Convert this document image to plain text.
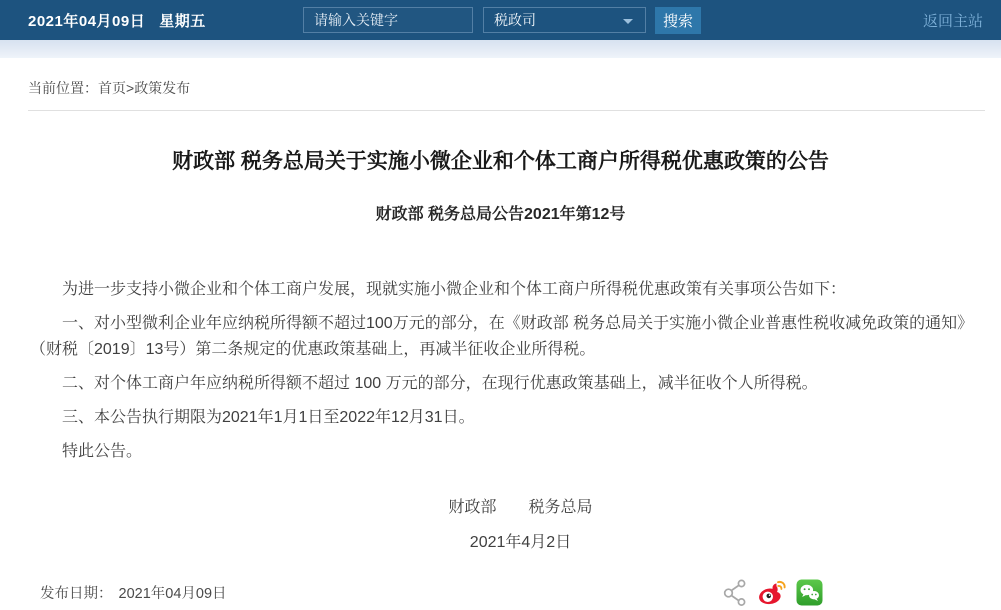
2021年04月09日 星期五
请输入关键字	税政司	搜索	返回主站
当前位置：首页>政策发布
财政部 税务总局关于实施小微企业和个体工商户所得税优惠政策的公告
财政部 税务总局公告2021年第12号

为进一步支持小微企业和个体工商户发展，现就实施小微企业和个体工商户所得税优惠政策有关事项公告如下：

一、对小型微利企业年应纳税所得额不超过100万元的部分，在《财政部 税务总局关于实施小微企业普惠性税收减免政策的通知》（财税〔2019〕13号）第二条规定的优惠政策基础上，再减半征收企业所得税。

二、对个体工商户年应纳税所得额不超过 100 万元的部分，在现行优惠政策基础上，减半征收个人所得税。

三、本公告执行期限为2021年1月1日至2022年12月31日。

特此公告。

财政部　　税务总局
2021年4月2日
发布日期： 2021年04月09日
